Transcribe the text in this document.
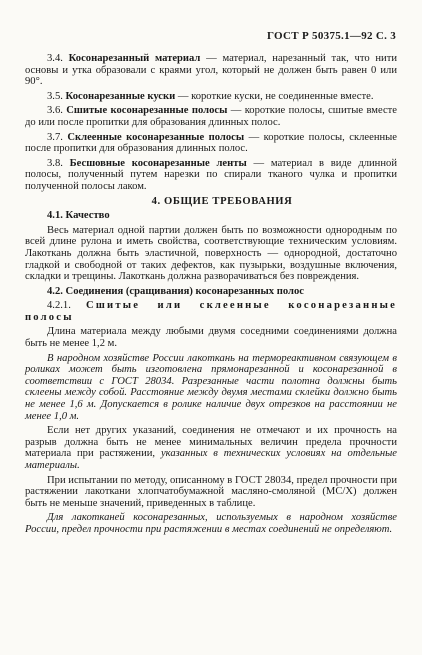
ГОСТ Р 50375.1—92 С. 3

3.4. Косонарезанный материал — материал, нарезанный так, что нити основы и утка образовали с краями угол, который не должен быть равен 0 или 90°.

3.5. Косонарезанные куски — короткие куски, не соединенные вместе.

3.6. Сшитые косонарезанные полосы — короткие полосы, сшитые вместе до или после пропитки для образования длинных полос.

3.7. Склеенные косонарезанные полосы — короткие полосы, склеенные после пропитки для образования длинных полос.

3.8. Бесшовные косонарезанные ленты — материал в виде длинной полосы, полученный путем нарезки по спирали тканого чулка и пропитки полученной полосы лаком.

4. ОБЩИЕ ТРЕБОВАНИЯ

4.1. Качество

Весь материал одной партии должен быть по возможности однородным по всей длине рулона и иметь свойства, соответствующие техническим условиям. Лакоткань должна быть эластичной, поверхность — однородной, достаточно гладкой и свободной от таких дефектов, как пузырьки, воздушные включения, складки и трещины. Лакоткань должна разворачиваться без повреждения.

4.2. Соединения (сращивания) косонарезанных полос

4.2.1. Сшитые или склеенные косонарезанные полосы

Длина материала между любыми двумя соседними соединениями должна быть не менее 1,2 м.

В народном хозяйстве России лакоткань на термореактивном связующем в роликах может быть изготовлена прямонарезанной и косонарезанной в соответствии с ГОСТ 28034. Разрезанные части полотна должны быть склеены между собой. Расстояние между двумя местами склейки должно быть не менее 1,6 м. Допускается в ролике наличие двух отрезков на расстоянии не менее 1,0 м.

Если нет других указаний, соединения не отмечают и их прочность на разрыв должна быть не менее минимальных величин предела прочности материала при растяжении, указанных в технических условиях на отдельные материалы.

При испытании по методу, описанному в ГОСТ 28034, предел прочности при растяжении лакоткани хлопчатобумажной масляно-смоляной (МС/Х) должен быть не меньше значений, приведенных в таблице.

Для лакотканей косонарезанных, используемых в народном хозяйстве России, предел прочности при растяжении в местах соединений не определяют.
